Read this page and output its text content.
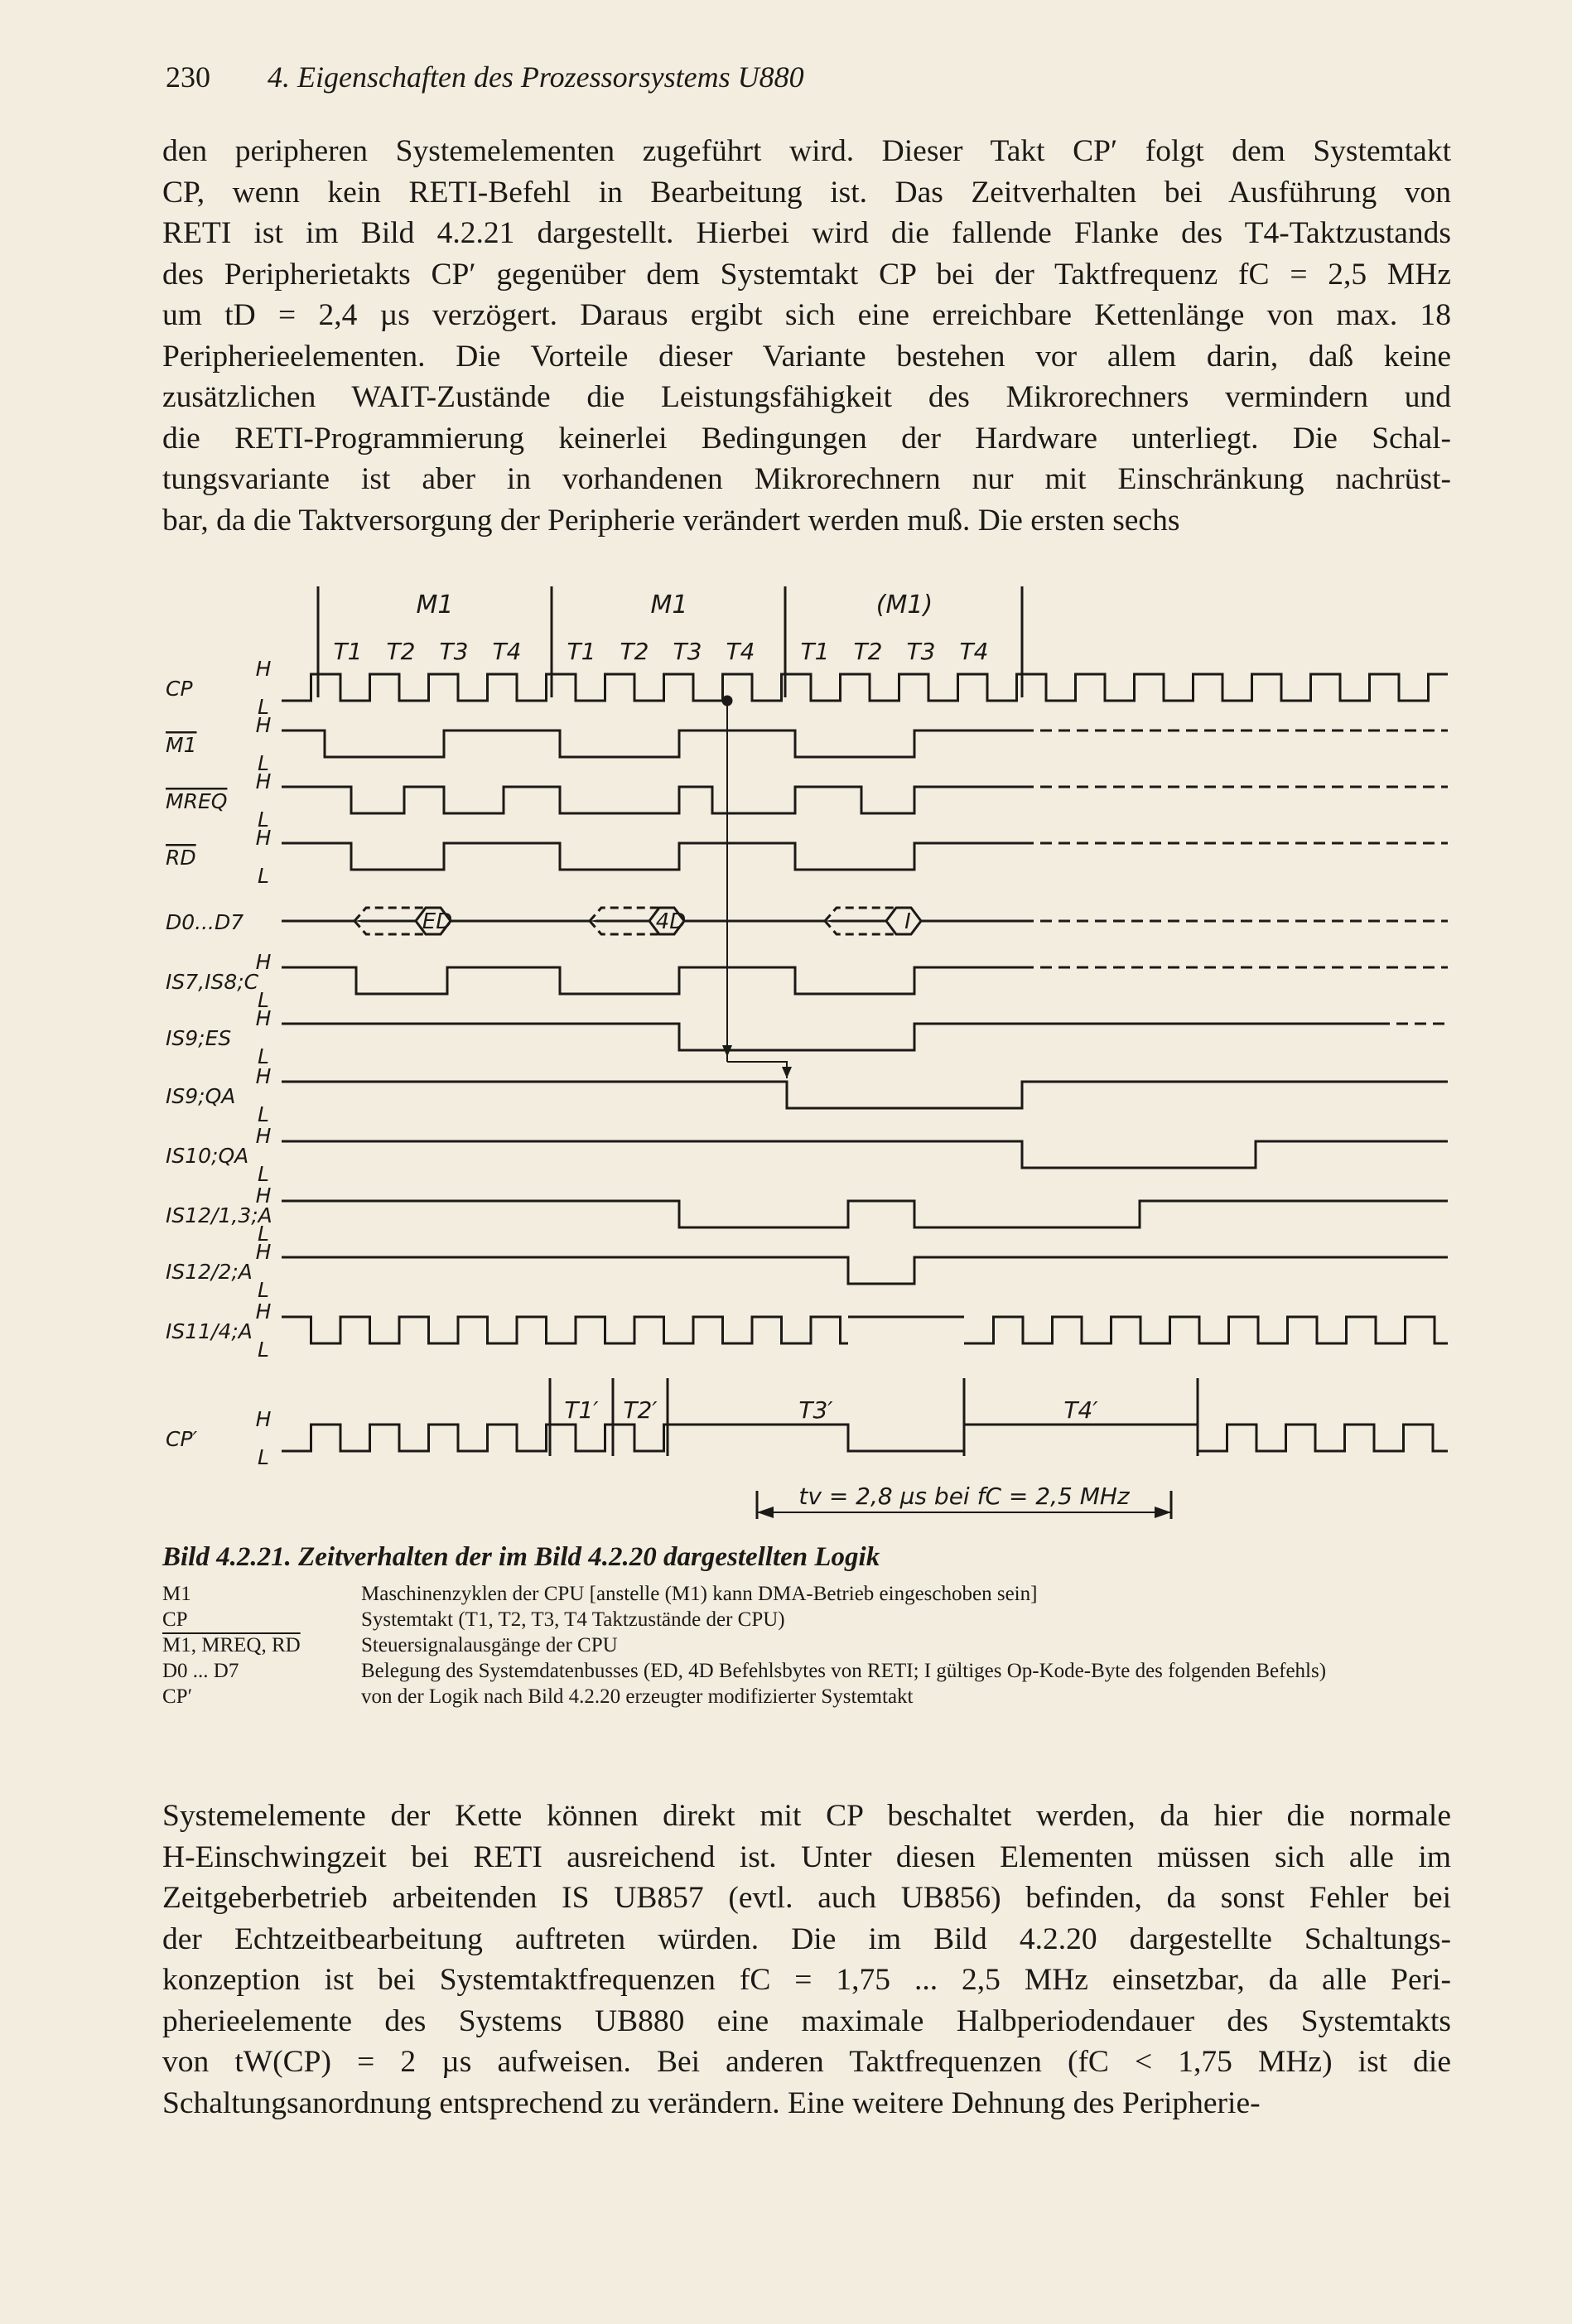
230 4. Eigenschaften des Prozessorsystems U880
den peripheren Systemelementen zugeführt wird. Dieser Takt CP′ folgt dem Systemtakt
CP, wenn kein RETI-Befehl in Bearbeitung ist. Das Zeitverhalten bei Ausführung von
RETI ist im Bild 4.2.21 dargestellt. Hierbei wird die fallende Flanke des T4-Taktzustands
des Peripherietakts CP′ gegenüber dem Systemtakt CP bei der Taktfrequenz fC = 2,5 MHz
um tD = 2,4 µs verzögert. Daraus ergibt sich eine erreichbare Kettenlänge von max. 18
Peripherieelementen. Die Vorteile dieser Variante bestehen vor allem darin, daß keine
zusätzlichen WAIT-Zustände die Leistungsfähigkeit des Mikrorechners vermindern und
die RETI-Programmierung keinerlei Bedingungen der Hardware unterliegt. Die Schal-
tungsvariante ist aber in vorhandenen Mikrorechnern nur mit Einschränkung nachrüst-
bar, da die Taktversorgung der Peripherie verändert werden muß. Die ersten sechs
ED	4D	I
M1	M1	(M1)
T1 T2 T3 T4 T1 T2 T3 T4 T1 T2 T3 T4
CP
M1
MREQ
RD
D0...D7
IS7,IS8;C
IS9;ES
IS9;QA
IS10;QA
IS12/1,3;A
IS12/2;A
IS11/4;A
CP′
H
L
H
L
H
L
H
L
H
L
H
L
H
L
H
L
H
L
H
L
H
L
H
L
T1′ T2′	T3′	T4′
tv = 2,8 µs bei fC = 2,5 MHz
Bild 4.2.21. Zeitverhalten der im Bild 4.2.20 dargestellten Logik
M1	Maschinenzyklen der CPU [anstelle (M1) kann DMA-Betrieb eingeschoben sein]
CP	Systemtakt (T1, T2, T3, T4 Taktzustände der CPU)
M1, MREQ, RD	Steuersignalausgänge der CPU
D0 ... D7	Belegung des Systemdatenbusses (ED, 4D Befehlsbytes von RETI; I gültiges Op-Kode-Byte des folgenden Befehls)
CP′	von der Logik nach Bild 4.2.20 erzeugter modifizierter Systemtakt
Systemelemente der Kette können direkt mit CP beschaltet werden, da hier die normale
H-Einschwingzeit bei RETI ausreichend ist. Unter diesen Elementen müssen sich alle im
Zeitgeberbetrieb arbeitenden IS UB857 (evtl. auch UB856) befinden, da sonst Fehler bei
der Echtzeitbearbeitung auftreten würden. Die im Bild 4.2.20 dargestellte Schaltungs-
konzeption ist bei Systemtaktfrequenzen fC = 1,75 ... 2,5 MHz einsetzbar, da alle Peri-
pherieelemente des Systems UB880 eine maximale Halbperiodendauer des Systemtakts
von tW(CP) = 2 µs aufweisen. Bei anderen Taktfrequenzen (fC < 1,75 MHz) ist die
Schaltungsanordnung entsprechend zu verändern. Eine weitere Dehnung des Peripherie-
